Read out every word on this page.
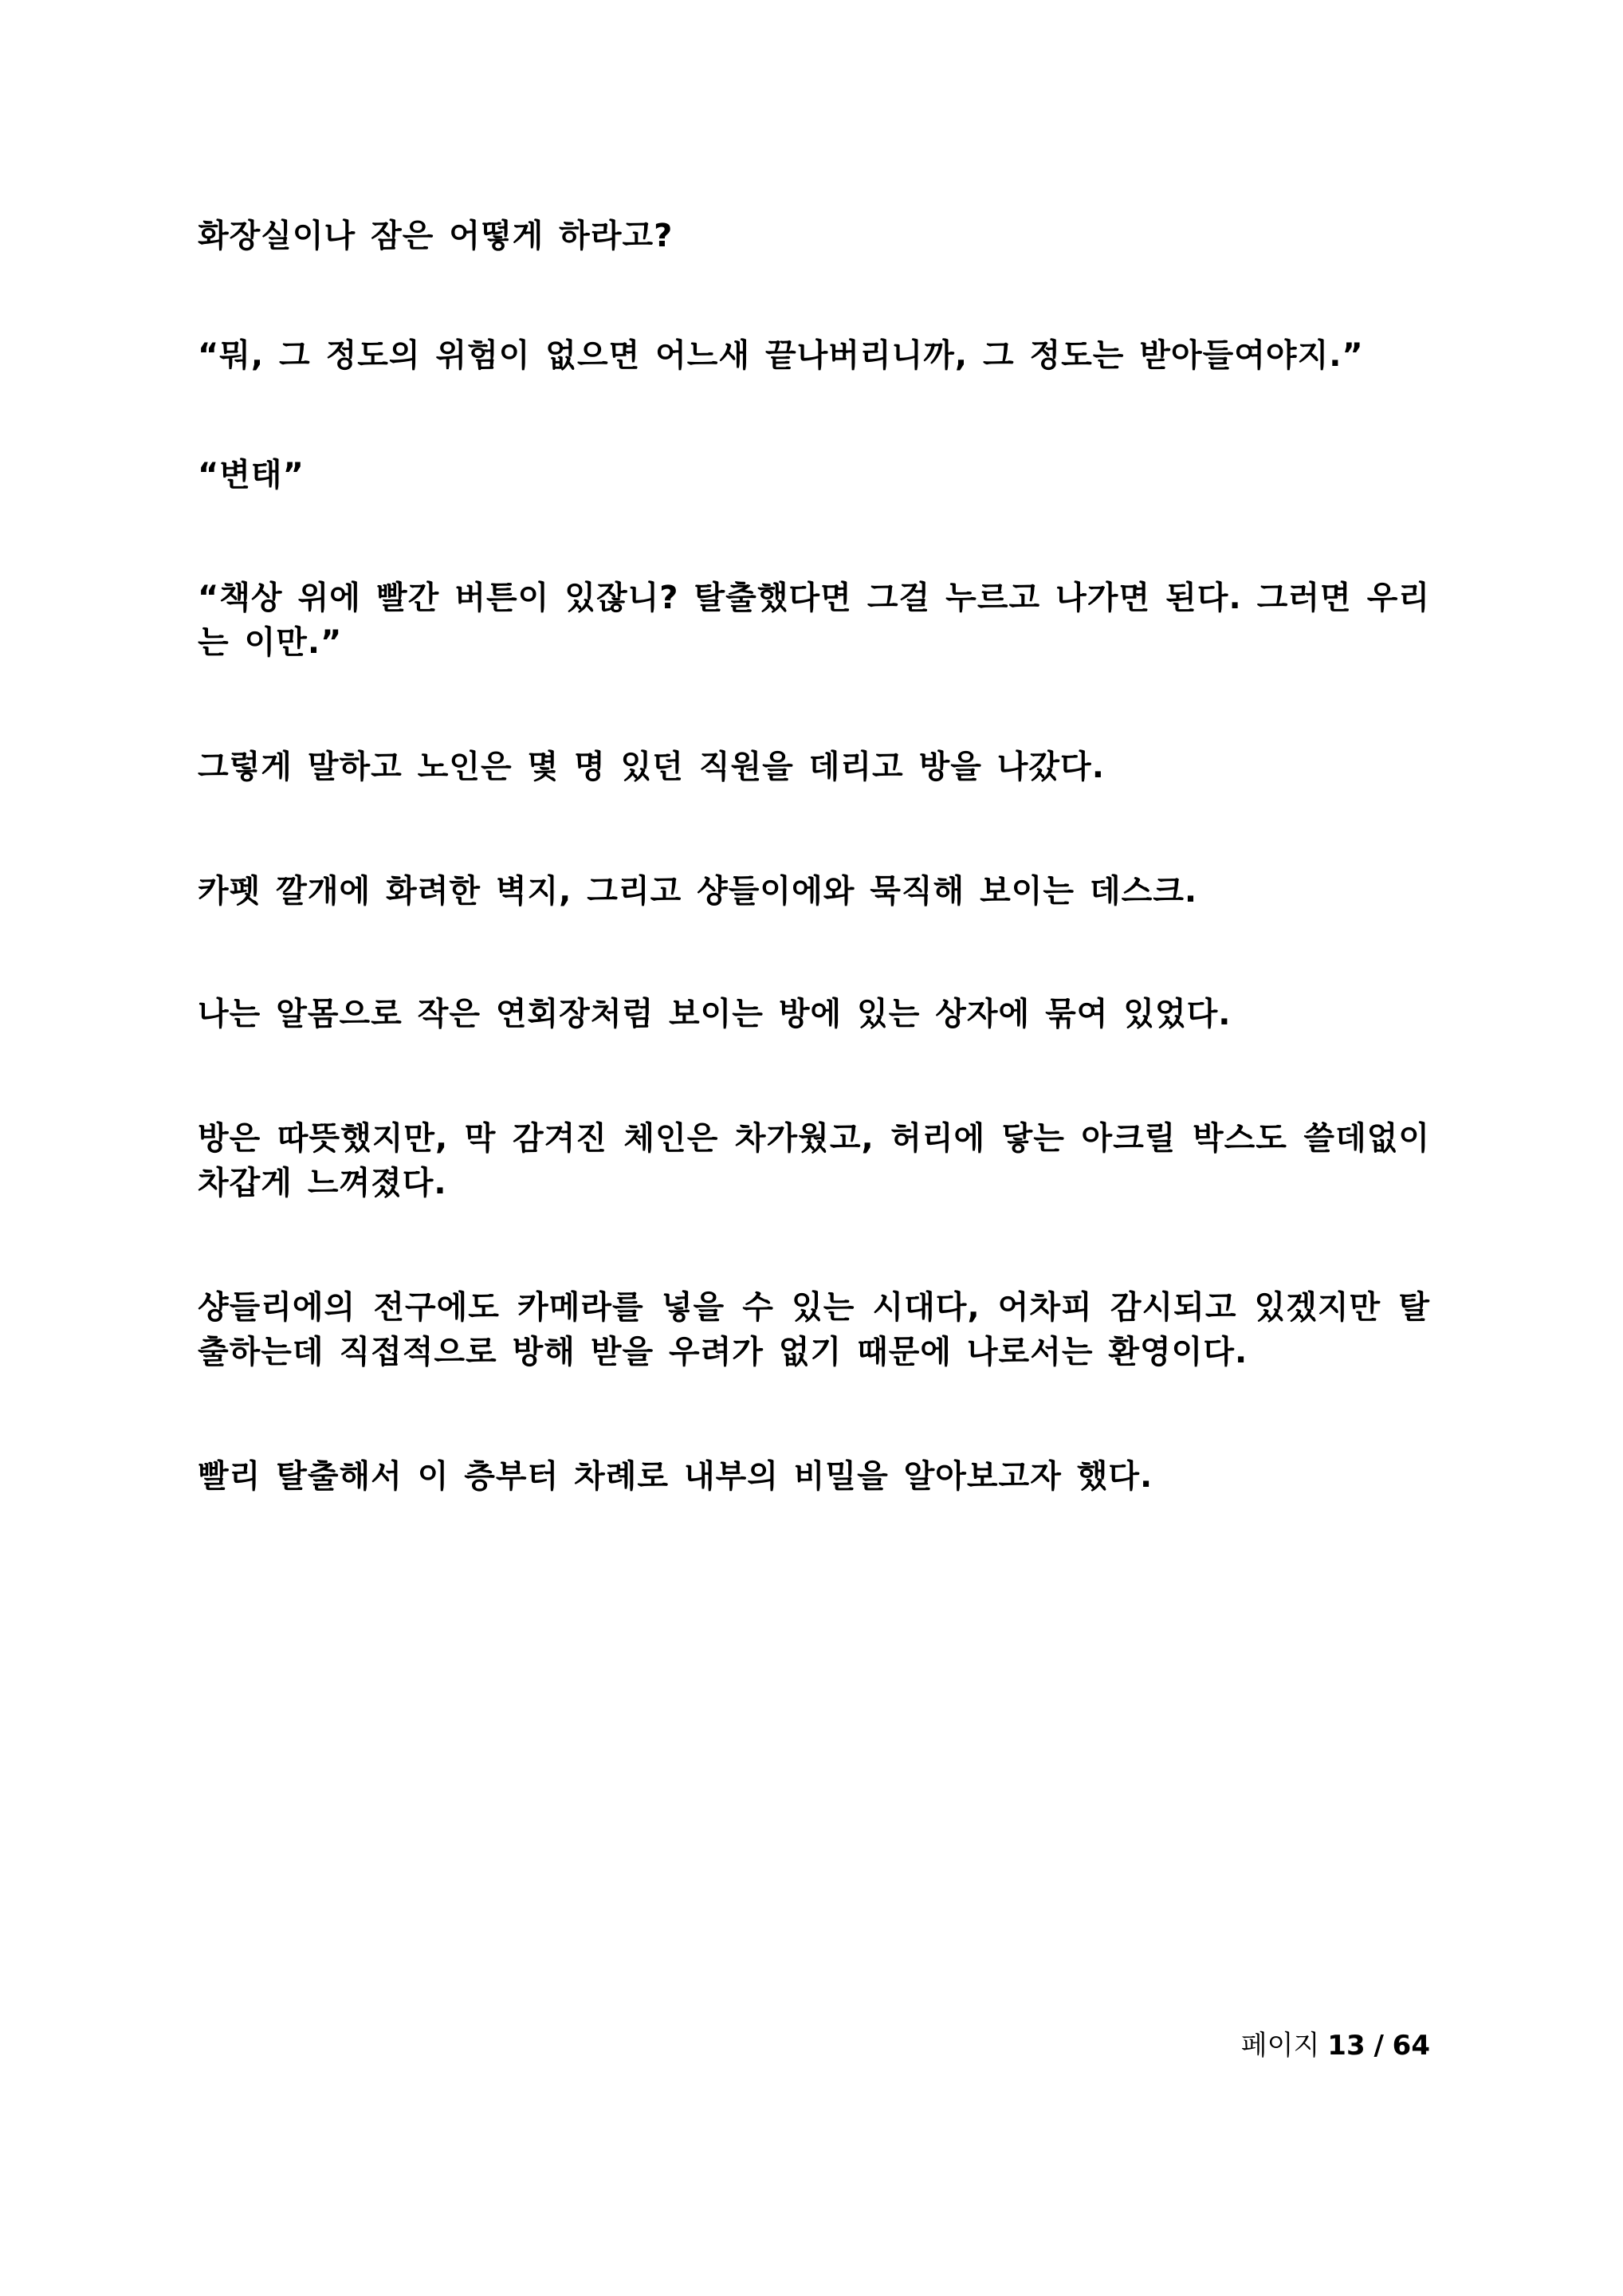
화장실이나 잠은 어떻게 하라고?

“뭐, 그 정도의 위험이 없으면 어느새 끝나버리니까, 그 정도는 받아들여야지.”

“변태”

“책상 위에 빨간 버튼이 있잖니? 탈출했다면 그걸 누르고 나가면 된다. 그러면 우리는 이만.”

그렇게 말하고 노인은 몇 명 있던 직원을 데리고 방을 나갔다.

카펫 깔개에 화려한 벽지, 그리고 샹들이에와 묵직해 보이는 데스크.

나는 알몸으로 작은 연회장처럼 보이는 방에 있는 상자에 묶여 있었다.

방은 따뜻했지만, 막 감겨진 체인은 차가웠고, 허리에 닿는 아크릴 박스도 쓸데없이 차갑게 느껴졌다.

샹들리에의 전구에도 카메라를 넣을 수 있는 시대다, 어차피 감시되고 있겠지만 탈출하는데 직접적으로 방해 받을 우려가 없기 때문에 나로서는 환영이다.

빨리 탈출해서 이 층부터 차례로 내부의 비밀을 알아보고자 했다.

페이지 13 / 64
